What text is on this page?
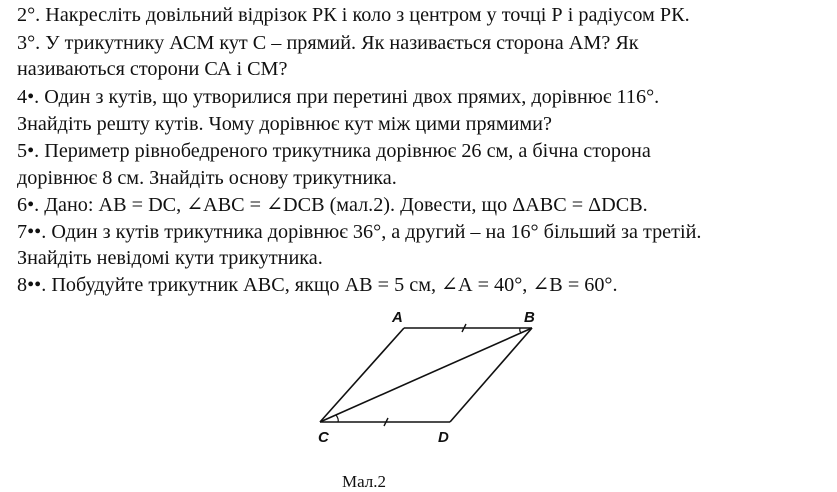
2°. Накресліть довільний відрізок РК і коло з центром у точці Р і радіусом РК.
3°. У трикутнику АСМ кут С – прямий. Як називається сторона АМ? Як
називаються сторони СА і СМ?
4•. Один з кутів, що утворилися при перетині двох прямих, дорівнює 116°.
Знайдіть решту кутів. Чому дорівнює кут між цими прямими?
5•. Периметр рівнобедреного трикутника дорівнює 26 см, а бічна сторона
дорівнює 8 см. Знайдіть основу трикутника.
6•. Дано: АВ = DС, ∠АВС = ∠DCВ (мал.2). Довести, що ΔАВС = ΔDCВ.
7••. Один з кутів трикутника дорівнює 36°, а другий – на 16° більший за третій.
Знайдіть невідомі кути трикутника.
8••. Побудуйте трикутник АВС, якщо АВ = 5 см, ∠А = 40°, ∠В = 60°.
A	B
C	D
Мал.2
